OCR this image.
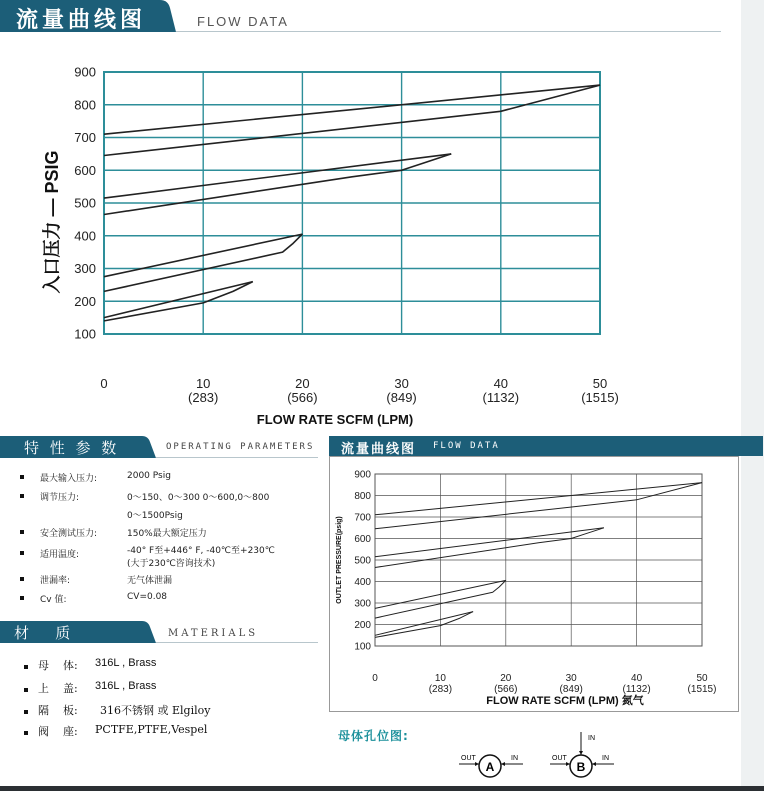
流量曲线图	FLOW DATA
100
200
300
400
500
600
700
800
900
0	10
(283)
20
(566)
30
(849)
40
(1132)
50
(1515)
FLOW RATE SCFM (LPM)
入口压力 — PSIG
特 性 参 数	OPERATING PARAMETERS
最大输入压力:	2000 Psig
调节压力:	0～150、0～300 0～600,0～800
0～1500Psig
安全测试压力:	150%最大额定压力
适用温度:	-40° F至+446° F, -40℃至+230℃
(大于230℃咨询技术)
泄漏率:	无气体泄漏
Cv 值:	CV=0.08
材   质	MATERIALS
母    体: 316L , Brass
上    盖: 316L , Brass
隔    板: 316不锈钢 或 Elgiloy
阀    座: PCTFE,PTFE,Vespel
流量曲线图 FLOW DATA
100
200
300
400
500
600
700
800
900
0	10
(283)
20
(566)
30
(849)
40
(1132)
50
(1515)
FLOW RATE SCFM (LPM) 氮气
OUTLET PRESSURE(psig)
母体孔位图:
OUT
A
IN
IN
OUT
B
IN
